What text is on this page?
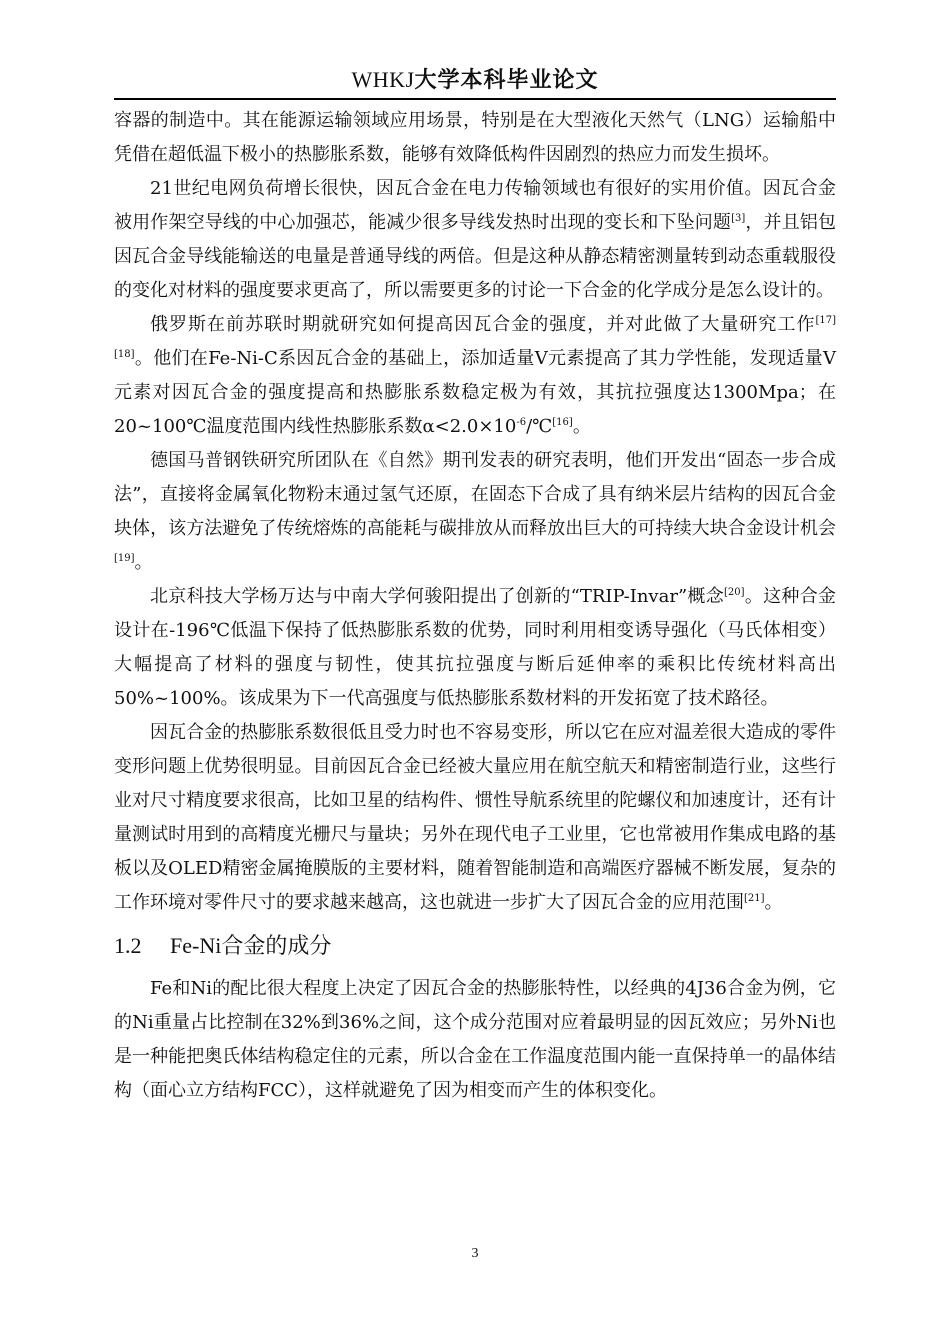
WHKJ大学本科毕业论文

容器的制造中。其在能源运输领域应用场景，特别是在大型液化天然气（LNG）运输船中凭借在超低温下极小的热膨胀系数，能够有效降低构件因剧烈的热应力而发生损坏。

21世纪电网负荷增长很快，因瓦合金在电力传输领域也有很好的实用价值。因瓦合金被用作架空导线的中心加强芯，能减少很多导线发热时出现的变长和下坠问题[3]，并且铝包因瓦合金导线能输送的电量是普通导线的两倍。但是这种从静态精密测量转到动态重载服役的变化对材料的强度要求更高了，所以需要更多的讨论一下合金的化学成分是怎么设计的。

俄罗斯在前苏联时期就研究如何提高因瓦合金的强度，并对此做了大量研究工作[17][18]。他们在Fe-Ni-C系因瓦合金的基础上，添加适量V元素提高了其力学性能，发现适量V元素对因瓦合金的强度提高和热膨胀系数稳定极为有效，其抗拉强度达1300Mpa；在20~100℃温度范围内线性热膨胀系数$\alpha<2.0\times 10^{-6}/℃[16]$。

德国马普钢铁研究所团队在《自然》期刊发表的研究表明，他们开发出“固态一步合成法”，直接将金属氧化物粉末通过氢气还原，在固态下合成了具有纳米层片结构的因瓦合金块体，该方法避免了传统熔炼的高能耗与碳排放从而释放出巨大的可持续大块合金设计机会[19]。

北京科技大学杨万达与中南大学何骏阳提出了创新的“TRIP-Invar”概念[20]。这种合金设计在-196℃低温下保持了低热膨胀系数的优势，同时利用相变诱导强化（马氏体相变）大幅提高了材料的强度与韧性，使其抗拉强度与断后延伸率的乘积比传统材料高出50%~100%。该成果为下一代高强度与低热膨胀系数材料的开发拓宽了技术路径。

因瓦合金的热膨胀系数很低且受力时也不容易变形，所以它在应对温差很大造成的零件变形问题上优势很明显。目前因瓦合金已经被大量应用在航空航天和精密制造行业，这些行业对尺寸精度要求很高，比如卫星的结构件、惯性导航系统里的陀螺仪和加速度计，还有计量测试时用到的高精度光栅尺与量块；另外在现代电子工业里，它也常被用作集成电路的基板以及OLED精密金属掩膜版的主要材料，随着智能制造和高端医疗器械不断发展，复杂的工作环境对零件尺寸的要求越来越高，这也就进一步扩大了因瓦合金的应用范围[21]。

1.2 Fe-Ni合金的成分

Fe和Ni的配比很大程度上决定了因瓦合金的热膨胀特性，以经典的4J36合金为例，它的Ni重量占比控制在32%到36%之间，这个成分范围对应着最明显的因瓦效应；另外Ni也是一种能把奥氏体结构稳定住的元素，所以合金在工作温度范围内能一直保持单一的晶体结构（面心立方结构FCC），这样就避免了因为相变而产生的体积变化。

3
